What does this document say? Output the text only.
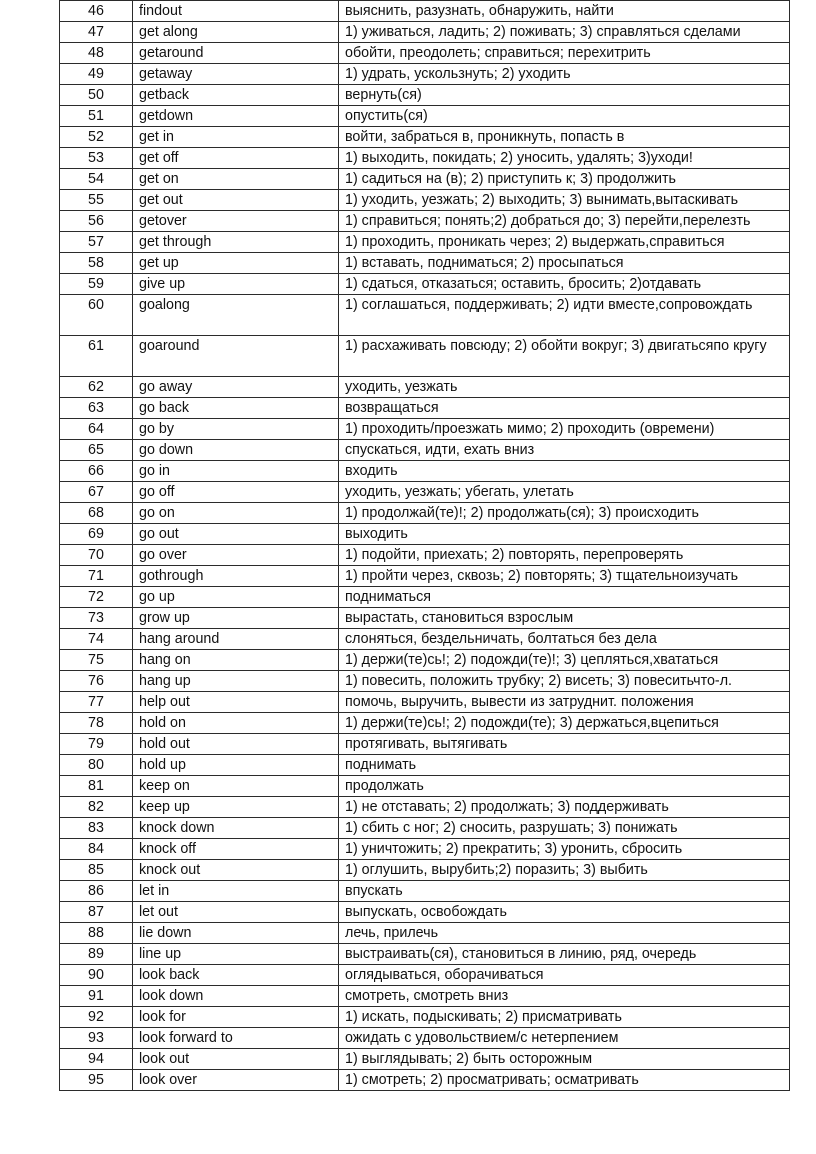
46	findout	выяснить, разузнать, обнаружить, найти
47	get along	1) уживаться, ладить; 2) поживать; 3) справляться сделами
48	getaround	обойти, преодолеть; справиться; перехитрить
49	getaway	1) удрать, ускользнуть; 2) уходить
50	getback	вернуть(ся)
51	getdown	опустить(ся)
52	get in	войти, забраться в, проникнуть, попасть в
53	get off	1) выходить, покидать; 2) уносить, удалять; 3)уходи!
54	get on	1) садиться на (в); 2) приступить к; 3) продолжить
55	get out	1) уходить, уезжать; 2) выходить; 3) вынимать,вытаскивать
56	getover	1) справиться; понять;2) добраться до; 3) перейти,перелезть
57	get through	1) проходить, проникать через; 2) выдержать,справиться
58	get up	1) вставать, подниматься; 2) просыпаться
59	give up	1) сдаться, отказаться; оставить, бросить; 2)отдавать
60	goalong	1) соглашаться, поддерживать; 2) идти вместе,сопровождать
61	goaround	1) расхаживать повсюду; 2) обойти вокруг; 3) двигатьсяпо кругу
62	go away	уходить, уезжать
63	go back	возвращаться
64	go by	1) проходить/проезжать мимо; 2) проходить (овремени)
65	go down	спускаться, идти, ехать вниз
66	go in	входить
67	go off	уходить, уезжать; убегать, улетать
68	go on	1) продолжай(те)!; 2) продолжать(ся); 3) происходить
69	go out	выходить
70	go over	1) подойти, приехать; 2) повторять, перепроверять
71	gothrough	1) пройти через, сквозь; 2) повторять; 3) тщательноизучать
72	go up	подниматься
73	grow up	вырастать, становиться взрослым
74	hang around	слоняться, бездельничать, болтаться без дела
75	hang on	1) держи(те)сь!; 2) подожди(те)!; 3) цепляться,хвататься
76	hang up	1) повесить, положить трубку; 2) висеть; 3) повеситьчто-л.
77	help out	помочь, выручить, вывести из затруднит. положения
78	hold on	1) держи(те)сь!; 2) подожди(те); 3) держаться,вцепиться
79	hold out	протягивать, вытягивать
80	hold up	поднимать
81	keep on	продолжать
82	keep up	1) не отставать; 2) продолжать; 3) поддерживать
83	knock down	1) сбить с ног; 2) сносить, разрушать; 3) понижать
84	knock off	1) уничтожить; 2) прекратить; 3) уронить, сбросить
85	knock out	1) оглушить, вырубить;2) поразить; 3) выбить
86	let in	впускать
87	let out	выпускать, освобождать
88	lie down	лечь, прилечь
89	line up	выстраивать(ся), становиться в линию, ряд, очередь
90	look back	оглядываться, оборачиваться
91	look down	смотреть, смотреть вниз
92	look for	1) искать, подыскивать; 2) присматривать
93	look forward to	ожидать с удовольствием/с нетерпением
94	look out	1) выглядывать; 2) быть осторожным
95	look over	1) смотреть; 2) просматривать; осматривать
